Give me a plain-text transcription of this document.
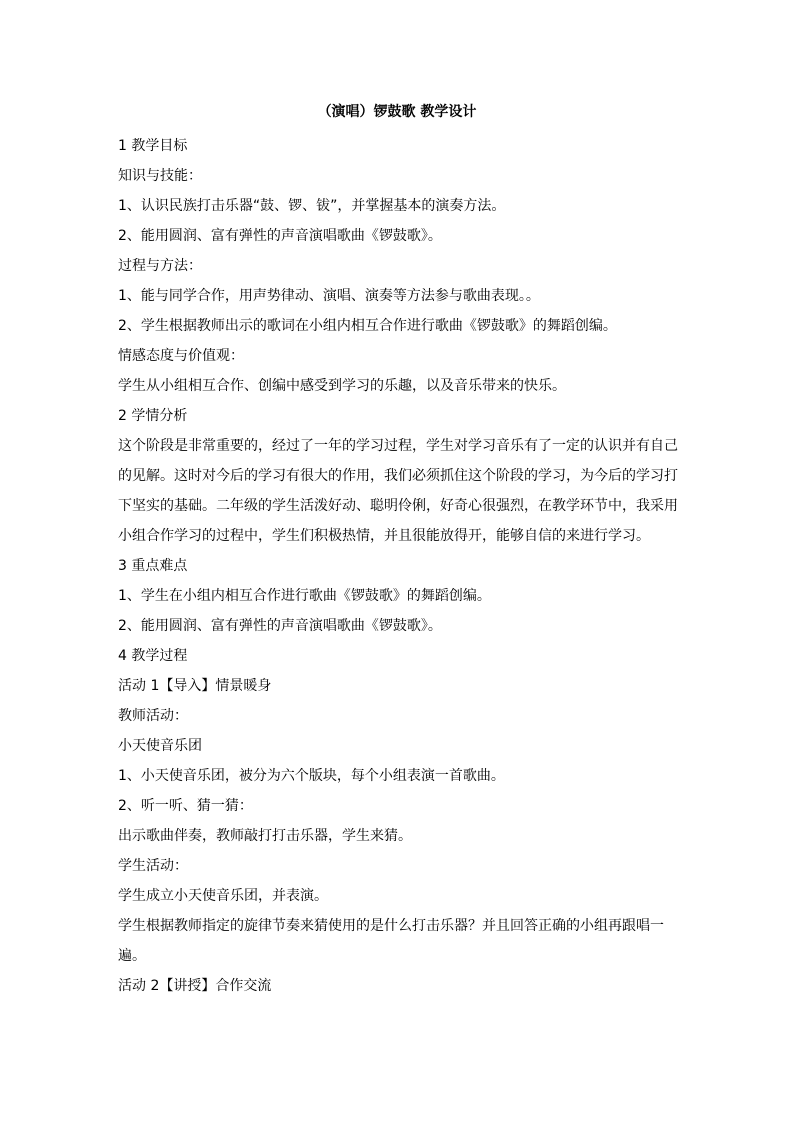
（演唱）锣鼓歌 教学设计
1 教学目标
知识与技能：
1、认识民族打击乐器“鼓、锣、钹”，并掌握基本的演奏方法。
2、能用圆润、富有弹性的声音演唱歌曲《锣鼓歌》。
过程与方法：
1、能与同学合作，用声势律动、演唱、演奏等方法参与歌曲表现。。
2、学生根据教师出示的歌词在小组内相互合作进行歌曲《锣鼓歌》的舞蹈创编。
情感态度与价值观：
学生从小组相互合作、创编中感受到学习的乐趣，以及音乐带来的快乐。
2 学情分析
这个阶段是非常重要的，经过了一年的学习过程，学生对学习音乐有了一定的认识并有自己的见解。这时对今后的学习有很大的作用，我们必须抓住这个阶段的学习，为今后的学习打下坚实的基础。二年级的学生活泼好动、聪明伶俐，好奇心很强烈，在教学环节中，我采用小组合作学习的过程中，学生们积极热情，并且很能放得开，能够自信的来进行学习。
3 重点难点
1、学生在小组内相互合作进行歌曲《锣鼓歌》的舞蹈创编。
2、能用圆润、富有弹性的声音演唱歌曲《锣鼓歌》。
4 教学过程
活动 1【导入】情景暖身
教师活动：
小天使音乐团
1、小天使音乐团，被分为六个版块，每个小组表演一首歌曲。
2、听一听、猜一猜：
出示歌曲伴奏，教师敲打打击乐器，学生来猜。
学生活动：
学生成立小天使音乐团，并表演。
学生根据教师指定的旋律节奏来猜使用的是什么打击乐器？并且回答正确的小组再跟唱一遍。
活动 2【讲授】合作交流
